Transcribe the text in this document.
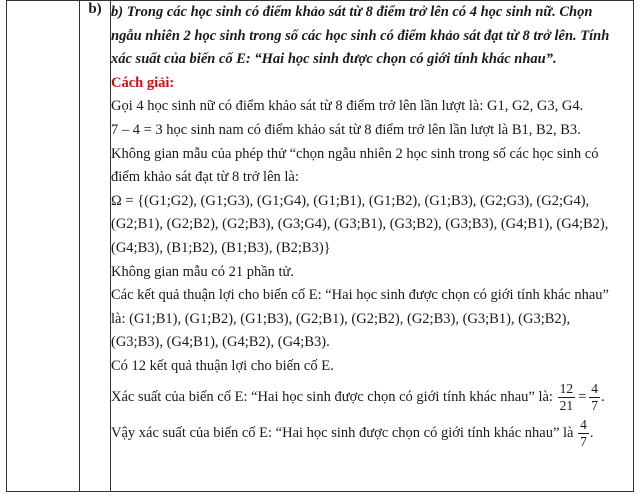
	b)	b) Trong các học sinh có điểm khảo sát từ 8 điểm trở lên có 4 học sinh nữ. Chọn
ngẫu nhiên 2 học sinh trong số các học sinh có điểm khảo sát đạt từ 8 trở lên. Tính
xác suất của biến cố E: “Hai học sinh được chọn có giới tính khác nhau”.
Cách giải:
Gọi 4 học sinh nữ có điểm khảo sát từ 8 điểm trở lên lần lượt là: G1, G2, G3, G4.
7 – 4 = 3 học sinh nam có điểm khảo sát từ 8 điểm trở lên lần lượt là B1, B2, B3.
Không gian mẫu của phép thử “chọn ngẫu nhiên 2 học sinh trong số các học sinh có
điểm khảo sát đạt từ 8 trở lên là:
Ω = {(G1;G2), (G1;G3), (G1;G4), (G1;B1), (G1;B2), (G1;B3), (G2;G3), (G2;G4),
(G2;B1), (G2;B2), (G2;B3), (G3;G4), (G3;B1), (G3;B2), (G3;B3), (G4;B1), (G4;B2),
(G4;B3), (B1;B2), (B1;B3), (B2;B3)}
Không gian mẫu có 21 phần tử.
Các kết quả thuận lợi cho biến cố E: “Hai học sinh được chọn có giới tính khác nhau”
là: (G1;B1), (G1;B2), (G1;B3), (G2;B1), (G2;B2), (G2;B3), (G3;B1), (G3;B2),
(G3;B3), (G4;B1), (G4;B2), (G4;B3).
Có 12 kết quả thuận lợi cho biến cố E.
Xác suất của biến cố E: “Hai học sinh được chọn có giới tính khác nhau” là: $\frac{12}{21} = \frac{4}{7}$ .
Vậy xác suất của biến cố E: “Hai học sinh được chọn có giới tính khác nhau” là $\frac{4}{7}$ .
